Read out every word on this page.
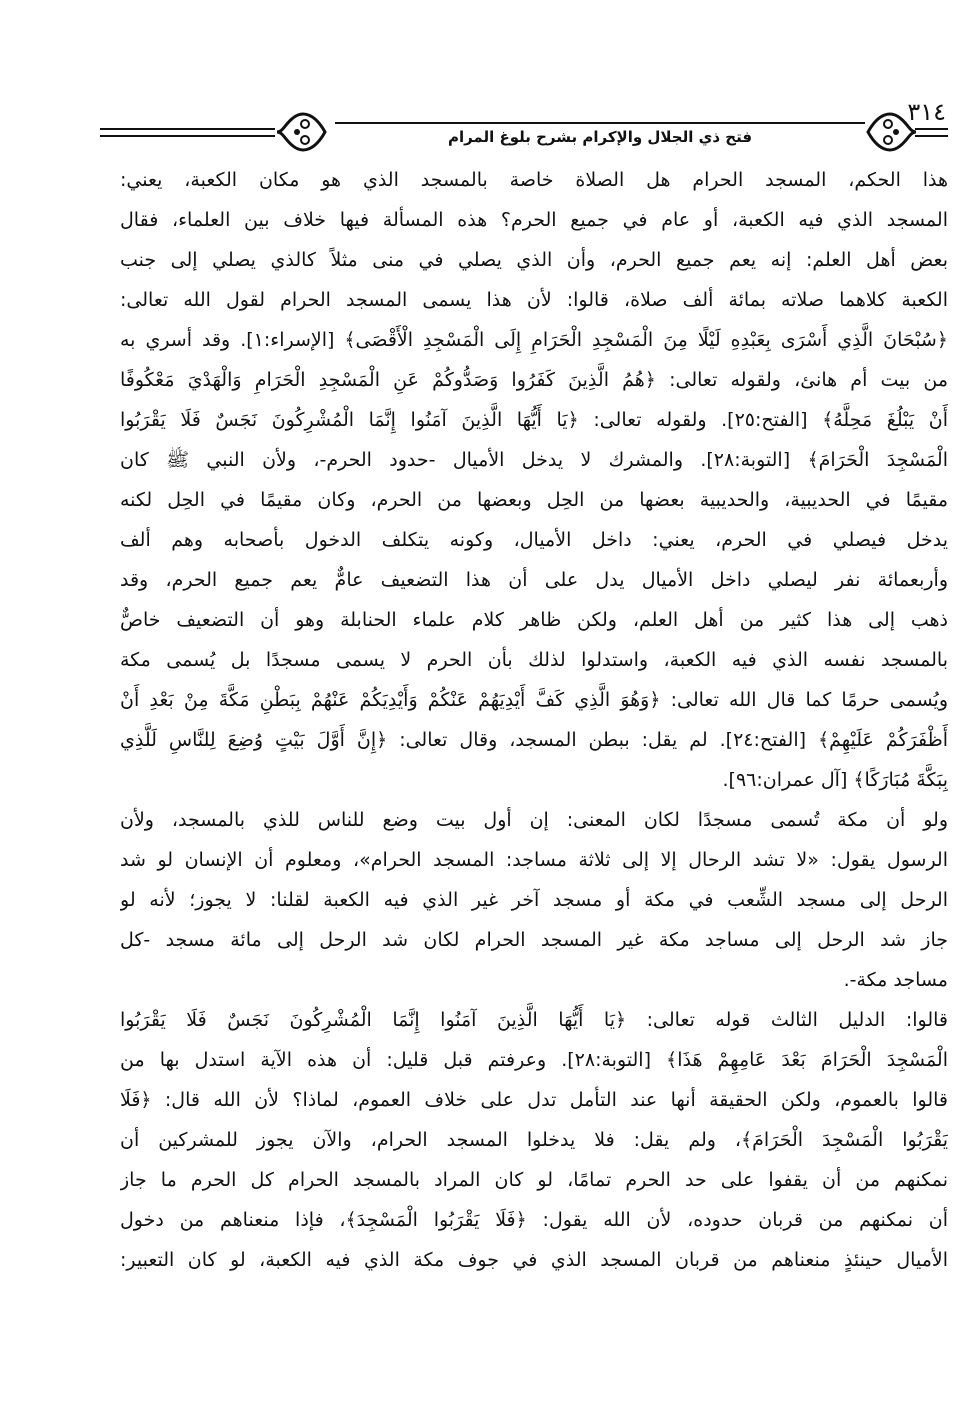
٣١٤
فتح ذي الجلال والإكرام بشرح بلوغ المرام
هذا الحكم، المسجد الحرام هل الصلاة خاصة بالمسجد الذي هو مكان الكعبة، يعني:
المسجد الذي فيه الكعبة، أو عام في جميع الحرم؟ هذه المسألة فيها خلاف بين العلماء، فقال
بعض أهل العلم: إنه يعم جميع الحرم، وأن الذي يصلي في منى مثلاً كالذي يصلي إلى جنب
الكعبة كلاهما صلاته بمائة ألف صلاة، قالوا: لأن هذا يسمى المسجد الحرام لقول الله تعالى:
﴿سُبْحَانَ الَّذِي أَسْرَى بِعَبْدِهِ لَيْلًا مِنَ الْمَسْجِدِ الْحَرَامِ إِلَى الْمَسْجِدِ الْأَقْصَى﴾ [الإسراء:١]. وقد أسري به
من بيت أم هانئ، ولقوله تعالى: ﴿هُمُ الَّذِينَ كَفَرُوا وَصَدُّوكُمْ عَنِ الْمَسْجِدِ الْحَرَامِ وَالْهَدْيَ مَعْكُوفًا
أَنْ يَبْلُغَ مَحِلَّهُ﴾ [الفتح:٢٥]. ولقوله تعالى: ﴿يَا أَيُّهَا الَّذِينَ آمَنُوا إِنَّمَا الْمُشْرِكُونَ نَجَسٌ فَلَا يَقْرَبُوا
الْمَسْجِدَ الْحَرَامَ﴾ [التوبة:٢٨]. والمشرك لا يدخل الأميال -حدود الحرم-، ولأن النبي ﷺ كان
مقيمًا في الحديبية، والحديبية بعضها من الحِل وبعضها من الحرم، وكان مقيمًا في الحِل لكنه
يدخل فيصلي في الحرم، يعني: داخل الأميال، وكونه يتكلف الدخول بأصحابه وهم ألف
وأربعمائة نفر ليصلي داخل الأميال يدل على أن هذا التضعيف عامٌّ يعم جميع الحرم، وقد
ذهب إلى هذا كثير من أهل العلم، ولكن ظاهر كلام علماء الحنابلة وهو أن التضعيف خاصٌّ
بالمسجد نفسه الذي فيه الكعبة، واستدلوا لذلك بأن الحرم لا يسمى مسجدًا بل يُسمى مكة
ويُسمى حرمًا كما قال الله تعالى: ﴿وَهُوَ الَّذِي كَفَّ أَيْدِيَهُمْ عَنْكُمْ وَأَيْدِيَكُمْ عَنْهُمْ بِبَطْنِ مَكَّةَ مِنْ بَعْدِ أَنْ
أَظْفَرَكُمْ عَلَيْهِمْ﴾ [الفتح:٢٤]. لم يقل: ببطن المسجد، وقال تعالى: ﴿إِنَّ أَوَّلَ بَيْتٍ وُضِعَ لِلنَّاسِ لَلَّذِي
بِبَكَّةَ مُبَارَكًا﴾ [آل عمران:٩٦].
ولو أن مكة تُسمى مسجدًا لكان المعنى: إن أول بيت وضع للناس للذي بالمسجد، ولأن
الرسول يقول: «لا تشد الرحال إلا إلى ثلاثة مساجد: المسجد الحرام»، ومعلوم أن الإنسان لو شد
الرحل إلى مسجد الشِّعب في مكة أو مسجد آخر غير الذي فيه الكعبة لقلنا: لا يجوز؛ لأنه لو
جاز شد الرحل إلى مساجد مكة غير المسجد الحرام لكان شد الرحل إلى مائة مسجد -كل
مساجد مكة-.
قالوا: الدليل الثالث قوله تعالى: ﴿يَا أَيُّهَا الَّذِينَ آمَنُوا إِنَّمَا الْمُشْرِكُونَ نَجَسٌ فَلَا يَقْرَبُوا
الْمَسْجِدَ الْحَرَامَ بَعْدَ عَامِهِمْ هَذَا﴾ [التوبة:٢٨]. وعرفتم قبل قليل: أن هذه الآية استدل بها من
قالوا بالعموم، ولكن الحقيقة أنها عند التأمل تدل على خلاف العموم، لماذا؟ لأن الله قال: ﴿فَلَا
يَقْرَبُوا الْمَسْجِدَ الْحَرَامَ﴾، ولم يقل: فلا يدخلوا المسجد الحرام، والآن يجوز للمشركين أن
نمكنهم من أن يقفوا على حد الحرم تمامًا، لو كان المراد بالمسجد الحرام كل الحرم ما جاز
أن نمكنهم من قربان حدوده، لأن الله يقول: ﴿فَلَا يَقْرَبُوا الْمَسْجِدَ﴾، فإذا منعناهم من دخول
الأميال حينئذٍ منعناهم من قربان المسجد الذي في جوف مكة الذي فيه الكعبة، لو كان التعبير:
